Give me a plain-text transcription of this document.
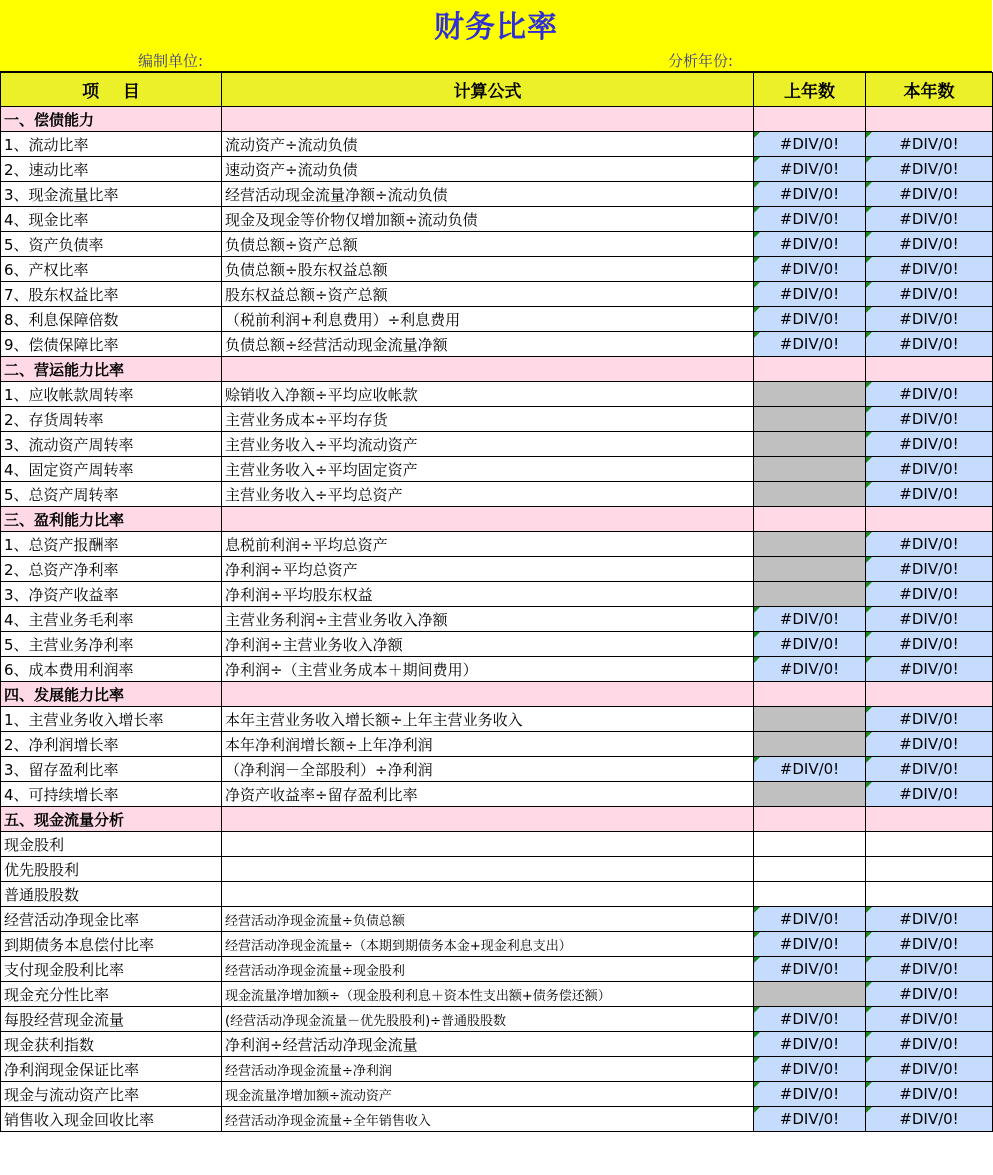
财务比率
编制单位:	分析年份:
项    目	计算公式	上年数	本年数
一、偿债能力			
1、流动比率	流动资产÷流动负债	#DIV/0!	#DIV/0!
2、速动比率	速动资产÷流动负债	#DIV/0!	#DIV/0!
3、现金流量比率	经营活动现金流量净额÷流动负债	#DIV/0!	#DIV/0!
4、现金比率	现金及现金等价物仅增加额÷流动负债	#DIV/0!	#DIV/0!
5、资产负债率	负债总额÷资产总额	#DIV/0!	#DIV/0!
6、产权比率	负债总额÷股东权益总额	#DIV/0!	#DIV/0!
7、股东权益比率	股东权益总额÷资产总额	#DIV/0!	#DIV/0!
8、利息保障倍数	（税前利润+利息费用）÷利息费用	#DIV/0!	#DIV/0!
9、偿债保障比率	负债总额÷经营活动现金流量净额	#DIV/0!	#DIV/0!
二、营运能力比率			
1、应收帐款周转率	赊销收入净额÷平均应收帐款		#DIV/0!
2、存货周转率	主营业务成本÷平均存货		#DIV/0!
3、流动资产周转率	主营业务收入÷平均流动资产		#DIV/0!
4、固定资产周转率	主营业务收入÷平均固定资产		#DIV/0!
5、总资产周转率	主营业务收入÷平均总资产		#DIV/0!
三、盈利能力比率			
1、总资产报酬率	息税前利润÷平均总资产		#DIV/0!
2、总资产净利率	净利润÷平均总资产		#DIV/0!
3、净资产收益率	净利润÷平均股东权益		#DIV/0!
4、主营业务毛利率	主营业务利润÷主营业务收入净额	#DIV/0!	#DIV/0!
5、主营业务净利率	净利润÷主营业务收入净额	#DIV/0!	#DIV/0!
6、成本费用利润率	净利润÷（主营业务成本＋期间费用）	#DIV/0!	#DIV/0!
四、发展能力比率			
1、主营业务收入增长率	本年主营业务收入增长额÷上年主营业务收入		#DIV/0!
2、净利润增长率	本年净利润增长额÷上年净利润		#DIV/0!
3、留存盈利比率	（净利润－全部股利）÷净利润	#DIV/0!	#DIV/0!
4、可持续增长率	净资产收益率÷留存盈利比率		#DIV/0!
五、现金流量分析			
现金股利			
优先股股利			
普通股股数			
经营活动净现金比率	经营活动净现金流量÷负债总额	#DIV/0!	#DIV/0!
到期债务本息偿付比率	经营活动净现金流量÷（本期到期债务本金+现金利息支出）	#DIV/0!	#DIV/0!
支付现金股利比率	经营活动净现金流量÷现金股利	#DIV/0!	#DIV/0!
现金充分性比率	现金流量净增加额÷（现金股利利息＋资本性支出额+债务偿还额）		#DIV/0!
每股经营现金流量	(经营活动净现金流量－优先股股利)÷普通股股数	#DIV/0!	#DIV/0!
现金获利指数	净利润÷经营活动净现金流量	#DIV/0!	#DIV/0!
净利润现金保证比率	经营活动净现金流量÷净利润	#DIV/0!	#DIV/0!
现金与流动资产比率	现金流量净增加额÷流动资产	#DIV/0!	#DIV/0!
销售收入现金回收比率	经营活动净现金流量÷全年销售收入	#DIV/0!	#DIV/0!
